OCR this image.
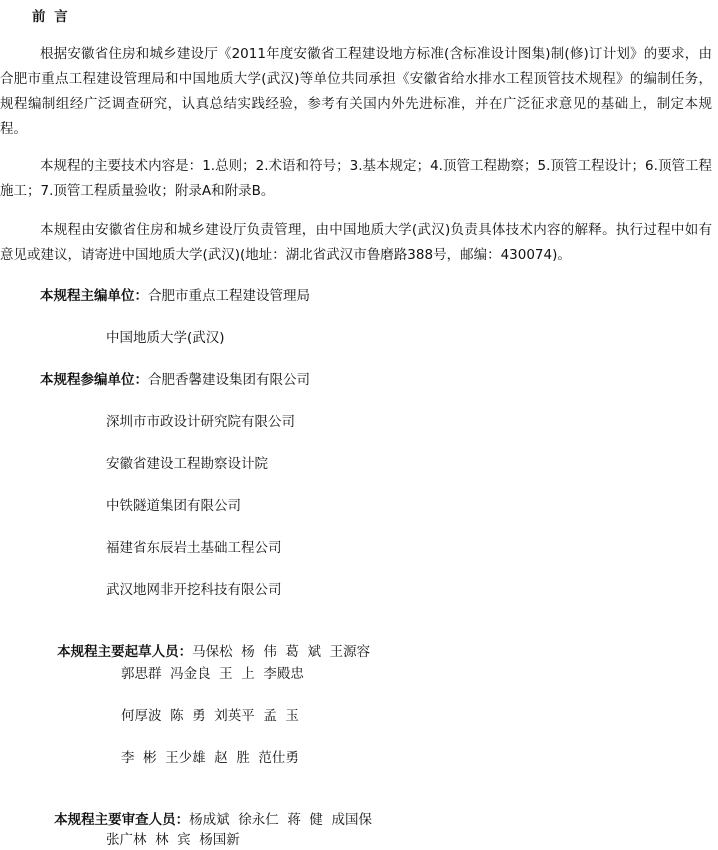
前 言

根据安徽省住房和城乡建设厅《2011年度安徽省工程建设地方标准(含标准设计图集)制(修)订计划》的要求，由合肥市重点工程建设管理局和中国地质大学(武汉)等单位共同承担《安徽省给水排水工程顶管技术规程》的编制任务，规程编制组经广泛调查研究，认真总结实践经验，参考有关国内外先进标准，并在广泛征求意见的基础上，制定本规程。

本规程的主要技术内容是：1.总则；2.术语和符号；3.基本规定；4.顶管工程勘察；5.顶管工程设计；6.顶管工程施工；7.顶管工程质量验收；附录A和附录B。

本规程由安徽省住房和城乡建设厅负责管理，由中国地质大学(武汉)负责具体技术内容的解释。执行过程中如有意见或建议，请寄进中国地质大学(武汉)(地址：湖北省武汉市鲁磨路388号，邮编：430074)。

本规程主编单位：合肥市重点工程建设管理局
中国地质大学(武汉)
本规程参编单位：合肥香馨建设集团有限公司
深圳市市政设计研究院有限公司
安徽省建设工程勘察设计院
中铁隧道集团有限公司
福建省东辰岩土基础工程公司
武汉地网非开挖科技有限公司

本规程主要起草人员：马保松  杨  伟  葛  斌  王源容

郭思群  冯金良  王  上  李殿忠
何厚波  陈  勇  刘英平  孟  玉
李  彬  王少雄  赵  胜  范仕勇

本规程主要审查人员：杨成斌  徐永仁  蒋  健  成国保

张广林  林  宾  杨国新
